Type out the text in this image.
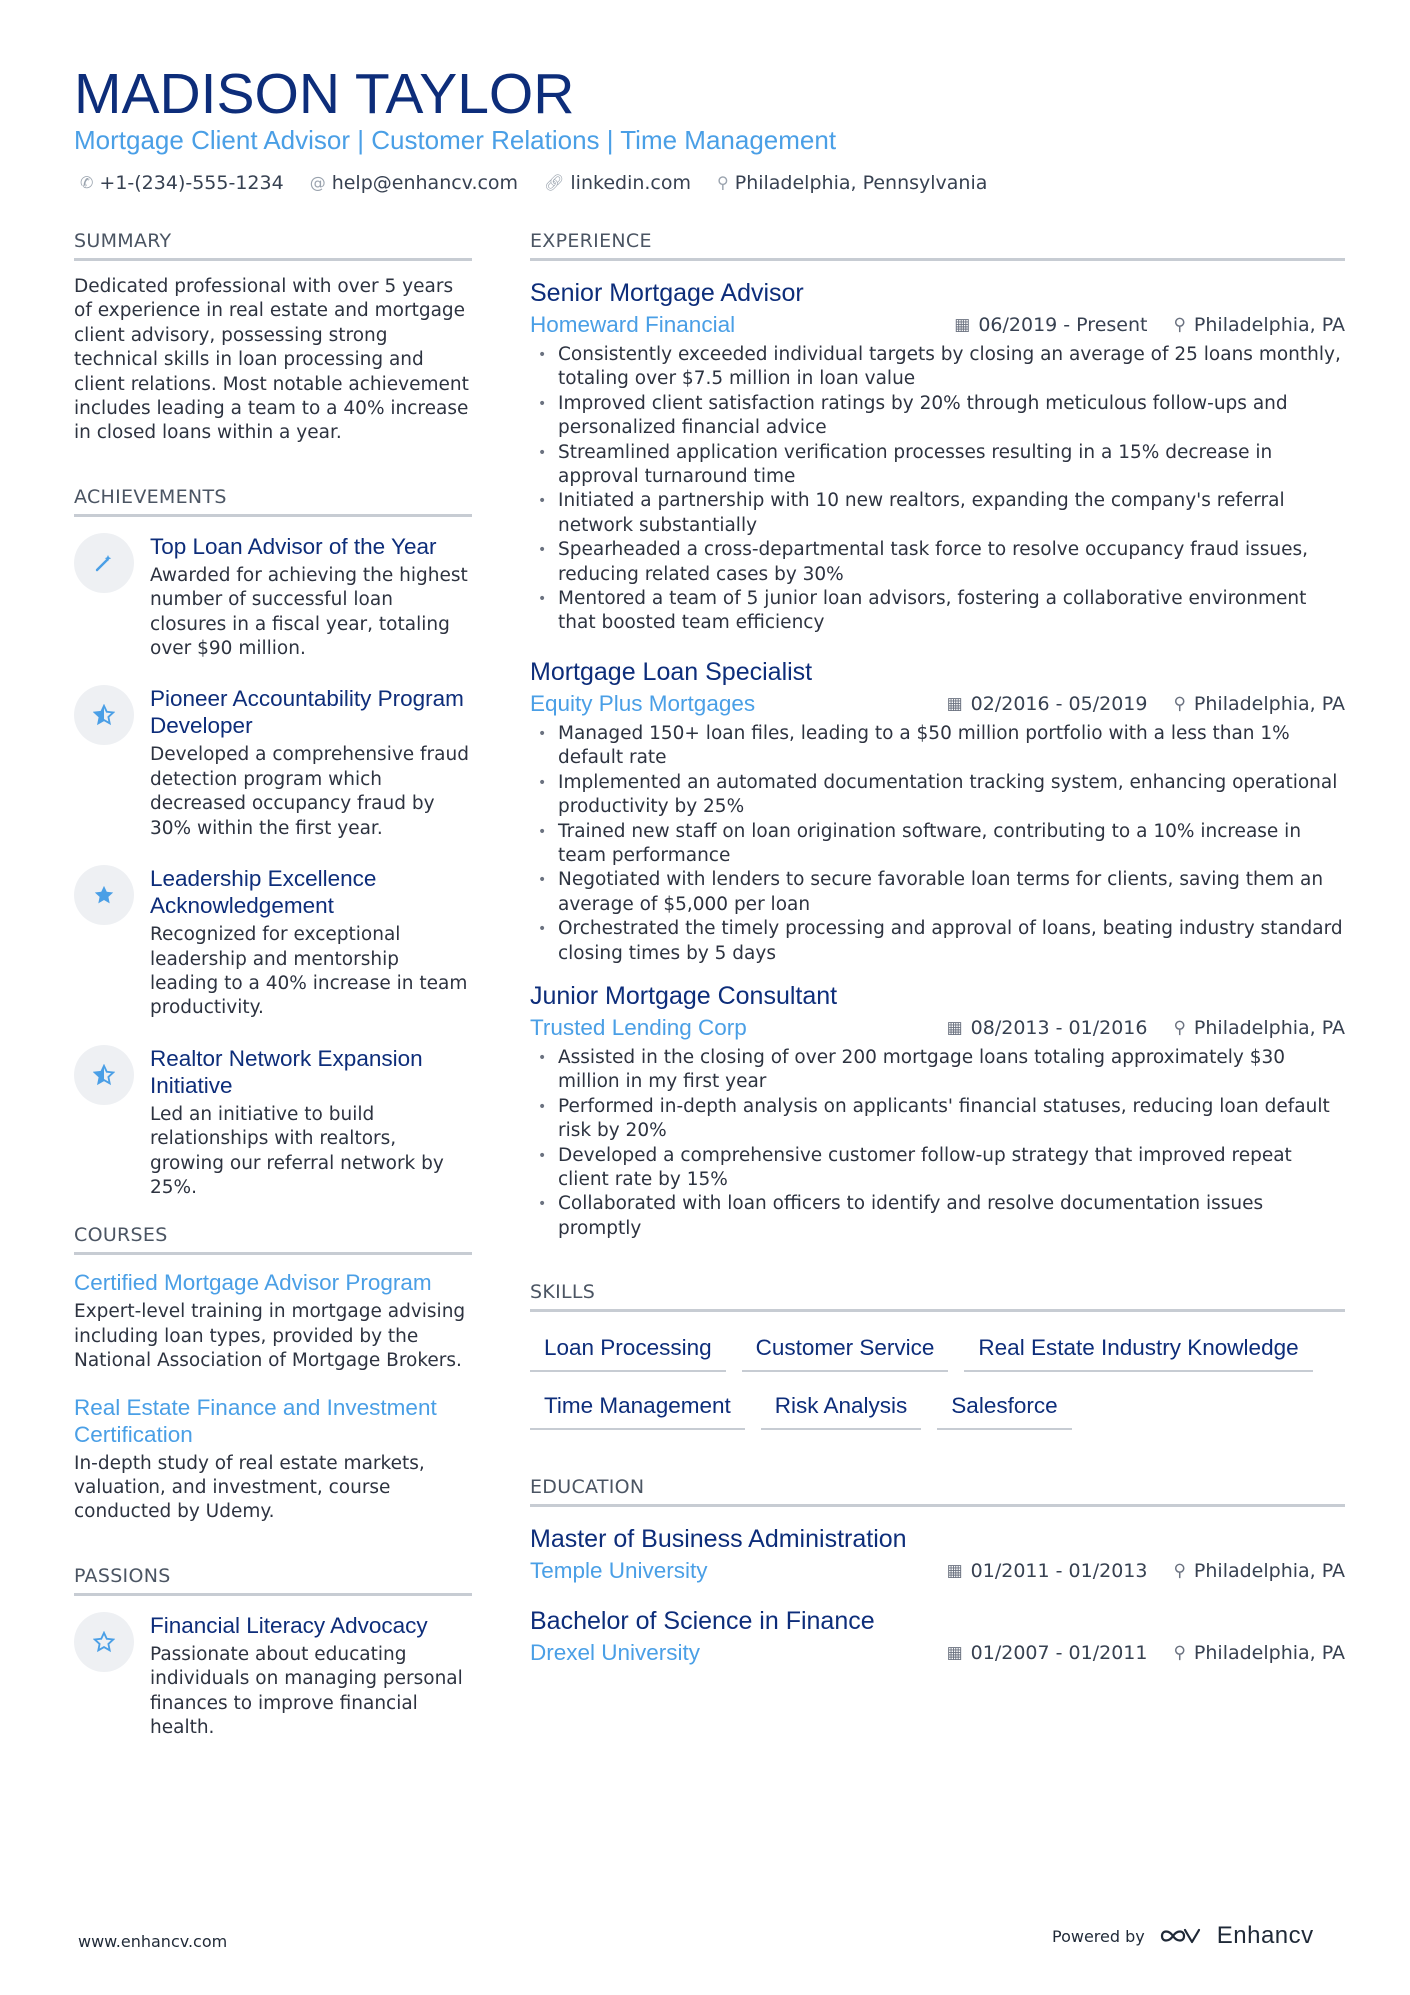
MADISON TAYLOR
Mortgage Client Advisor | Customer Relations | Time Management
✆ +1-(234)-555-1234 @ help@enhancv.com 🔗︎ linkedin.com ⚲ Philadelphia, Pennsylvania
SUMMARY
Dedicated professional with over 5 years of experience in real estate and mortgage client advisory, possessing strong technical skills in loan processing and client relations. Most notable achievement includes leading a team to a 40% increase in closed loans within a year.
ACHIEVEMENTS
Top Loan Advisor of the Year
Awarded for achieving the highest number of successful loan closures in a fiscal year, totaling over $90 million.
Pioneer Accountability Program Developer
Developed a comprehensive fraud detection program which decreased occupancy fraud by 30% within the first year.
Leadership Excellence Acknowledgement
Recognized for exceptional leadership and mentorship leading to a 40% increase in team productivity.
Realtor Network Expansion Initiative
Led an initiative to build relationships with realtors, growing our referral network by 25%.
COURSES
Certified Mortgage Advisor Program
Expert-level training in mortgage advising including loan types, provided by the National Association of Mortgage Brokers.
Real Estate Finance and Investment Certification
In-depth study of real estate markets, valuation, and investment, course conducted by Udemy.
PASSIONS
Financial Literacy Advocacy
Passionate about educating individuals on managing personal finances to improve financial health.
EXPERIENCE
Senior Mortgage Advisor
Homeward Financial	▦ 06/2019 - Present ⚲ Philadelphia, PA
• Consistently exceeded individual targets by closing an average of 25 loans monthly, totaling over $7.5 million in loan value
• Improved client satisfaction ratings by 20% through meticulous follow-ups and personalized financial advice
• Streamlined application verification processes resulting in a 15% decrease in approval turnaround time
• Initiated a partnership with 10 new realtors, expanding the company's referral network substantially
• Spearheaded a cross-departmental task force to resolve occupancy fraud issues, reducing related cases by 30%
• Mentored a team of 5 junior loan advisors, fostering a collaborative environment that boosted team efficiency
Mortgage Loan Specialist
Equity Plus Mortgages	▦ 02/2016 - 05/2019 ⚲ Philadelphia, PA
• Managed 150+ loan files, leading to a $50 million portfolio with a less than 1% default rate
• Implemented an automated documentation tracking system, enhancing operational productivity by 25%
• Trained new staff on loan origination software, contributing to a 10% increase in team performance
• Negotiated with lenders to secure favorable loan terms for clients, saving them an average of $5,000 per loan
• Orchestrated the timely processing and approval of loans, beating industry standard closing times by 5 days
Junior Mortgage Consultant
Trusted Lending Corp	▦ 08/2013 - 01/2016 ⚲ Philadelphia, PA
• Assisted in the closing of over 200 mortgage loans totaling approximately $30 million in my first year
• Performed in-depth analysis on applicants' financial statuses, reducing loan default risk by 20%
• Developed a comprehensive customer follow-up strategy that improved repeat client rate by 15%
• Collaborated with loan officers to identify and resolve documentation issues promptly
SKILLS
Loan Processing	Customer Service	Real Estate Industry Knowledge
Time Management	Risk Analysis	Salesforce
EDUCATION
Master of Business Administration
Temple University	▦ 01/2011 - 01/2013 ⚲ Philadelphia, PA
Bachelor of Science in Finance
Drexel University	▦ 01/2007 - 01/2011 ⚲ Philadelphia, PA
www.enhancv.com	Powered by	Enhancv
